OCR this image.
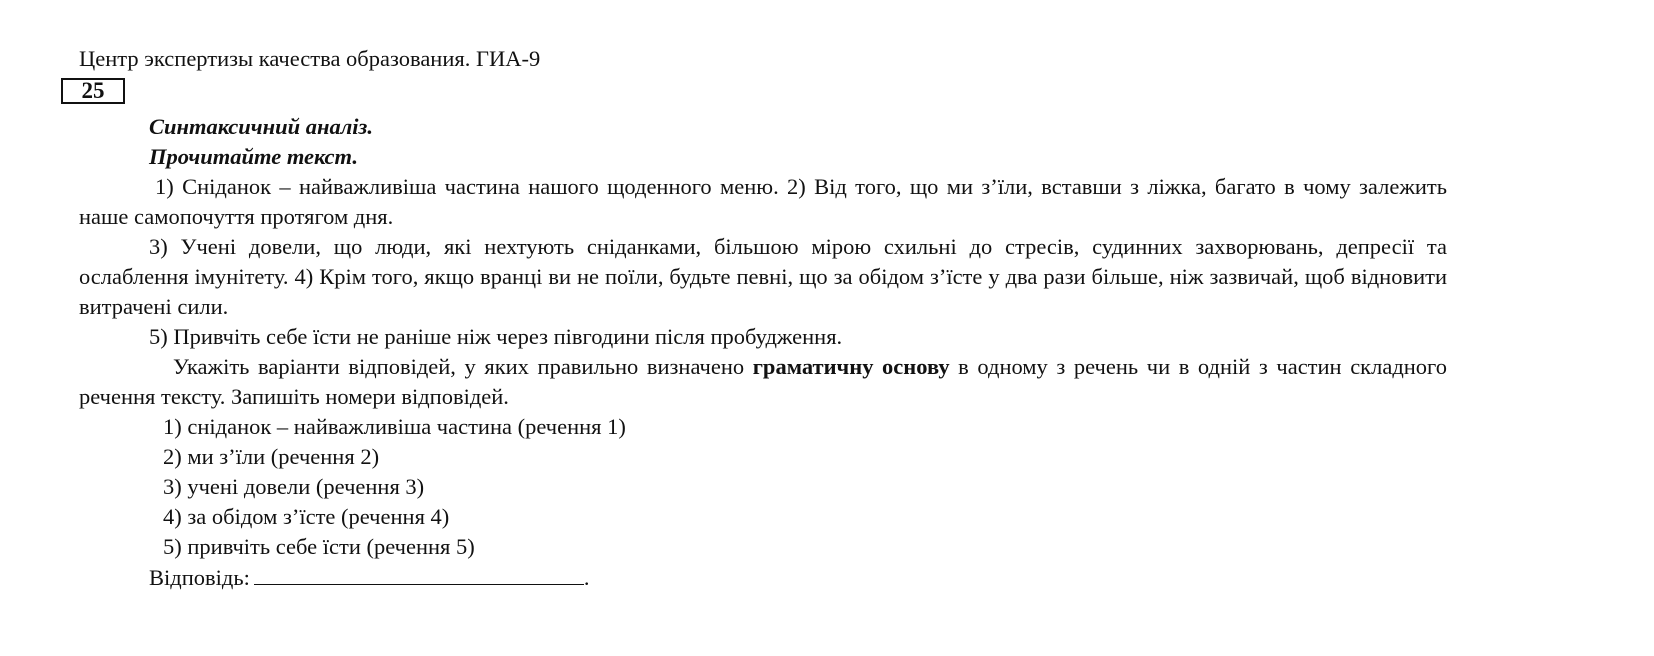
Центр экспертизы качества образования. ГИА-9
25
Синтаксичний аналіз.
Прочитайте текст.
1) Сніданок – найважливіша частина нашого щоденного меню. 2) Від того, що ми з’їли, вставши з ліжка, багато в чому залежить наше самопочуття протягом дня.
3) Учені довели, що люди, які нехтують сніданками, більшою мірою схильні до стресів, судинних захворювань, депресії та ослаблення імунітету. 4) Крім того, якщо вранці ви не поїли, будьте певні, що за обідом з’їсте у два рази більше, ніж зазвичай, щоб відновити витрачені сили.
5) Привчіть себе їсти не раніше ніж через півгодини після пробудження.
Укажіть варіанти відповідей, у яких правильно визначено граматичну основу в одному з речень чи в одній з частин складного речення тексту. Запишіть номери відповідей.
1) сніданок – найважливіша частина (речення 1)
2) ми з’їли (речення 2)
3) учені довели (речення 3)
4) за обідом з’їсте (речення 4)
5) привчіть себе їсти (речення 5)
Відповідь:	.
